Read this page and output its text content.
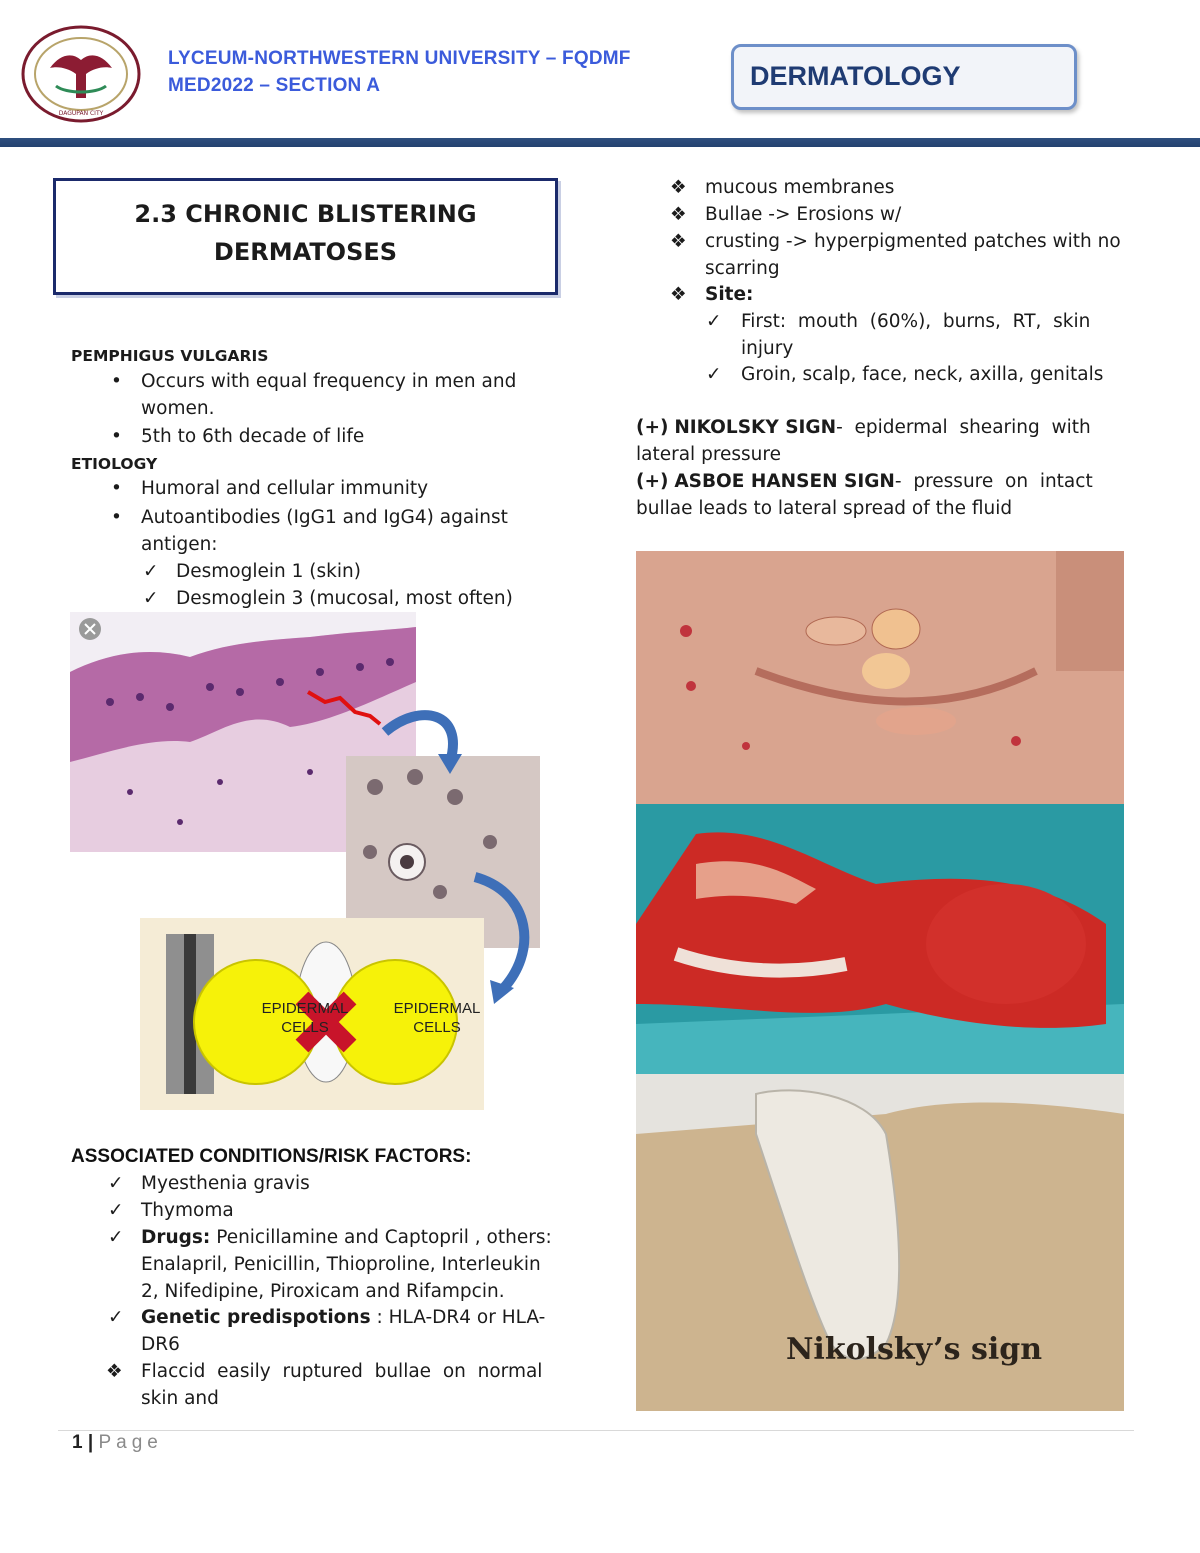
DAGUPAN CITY
LYCEUM-NORTHWESTERN UNIVERSITY – FQDMF
MED2022 – SECTION A	DERMATOLOGY
2.3 CHRONIC BLISTERING
DERMATOSES
PEMPHIGUS VULGARIS
• Occurs with equal frequency in men and
women.
• 5th to 6th decade of life
ETIOLOGY
• Humoral and cellular immunity
• Autoantibodies (IgG1 and IgG4) against
antigen:
✓ Desmoglein 1 (skin)
✓ Desmoglein 3 (mucosal, most often)
EPIDERMAL CELLS
EPIDERMAL CELLS
ASSOCIATED CONDITIONS/RISK FACTORS:
✓ Myesthenia gravis
✓ Thymoma
✓ Drugs: Penicillamine and Captopril , others:
Enalapril, Penicillin, Thioproline, Interleukin
2, Nifedipine, Piroxicam and Rifampcin.
✓ Genetic predispotions : HLA-DR4 or HLA-
DR6
❖ Flaccid  easily  ruptured  bullae  on  normal
skin and
❖ mucous membranes
❖ Bullae -> Erosions w/
❖ crusting -> hyperpigmented patches with no
scarring
❖ Site:
✓ First:  mouth  (60%),  burns,  RT,  skin
injury
✓ Groin, scalp, face, neck, axilla, genitals
(+) NIKOLSKY SIGN-  epidermal  shearing  with
lateral pressure
(+) ASBOE HANSEN SIGN-  pressure  on  intact
bullae leads to lateral spread of the fluid
Nikolsky’s sign
1 | Page
